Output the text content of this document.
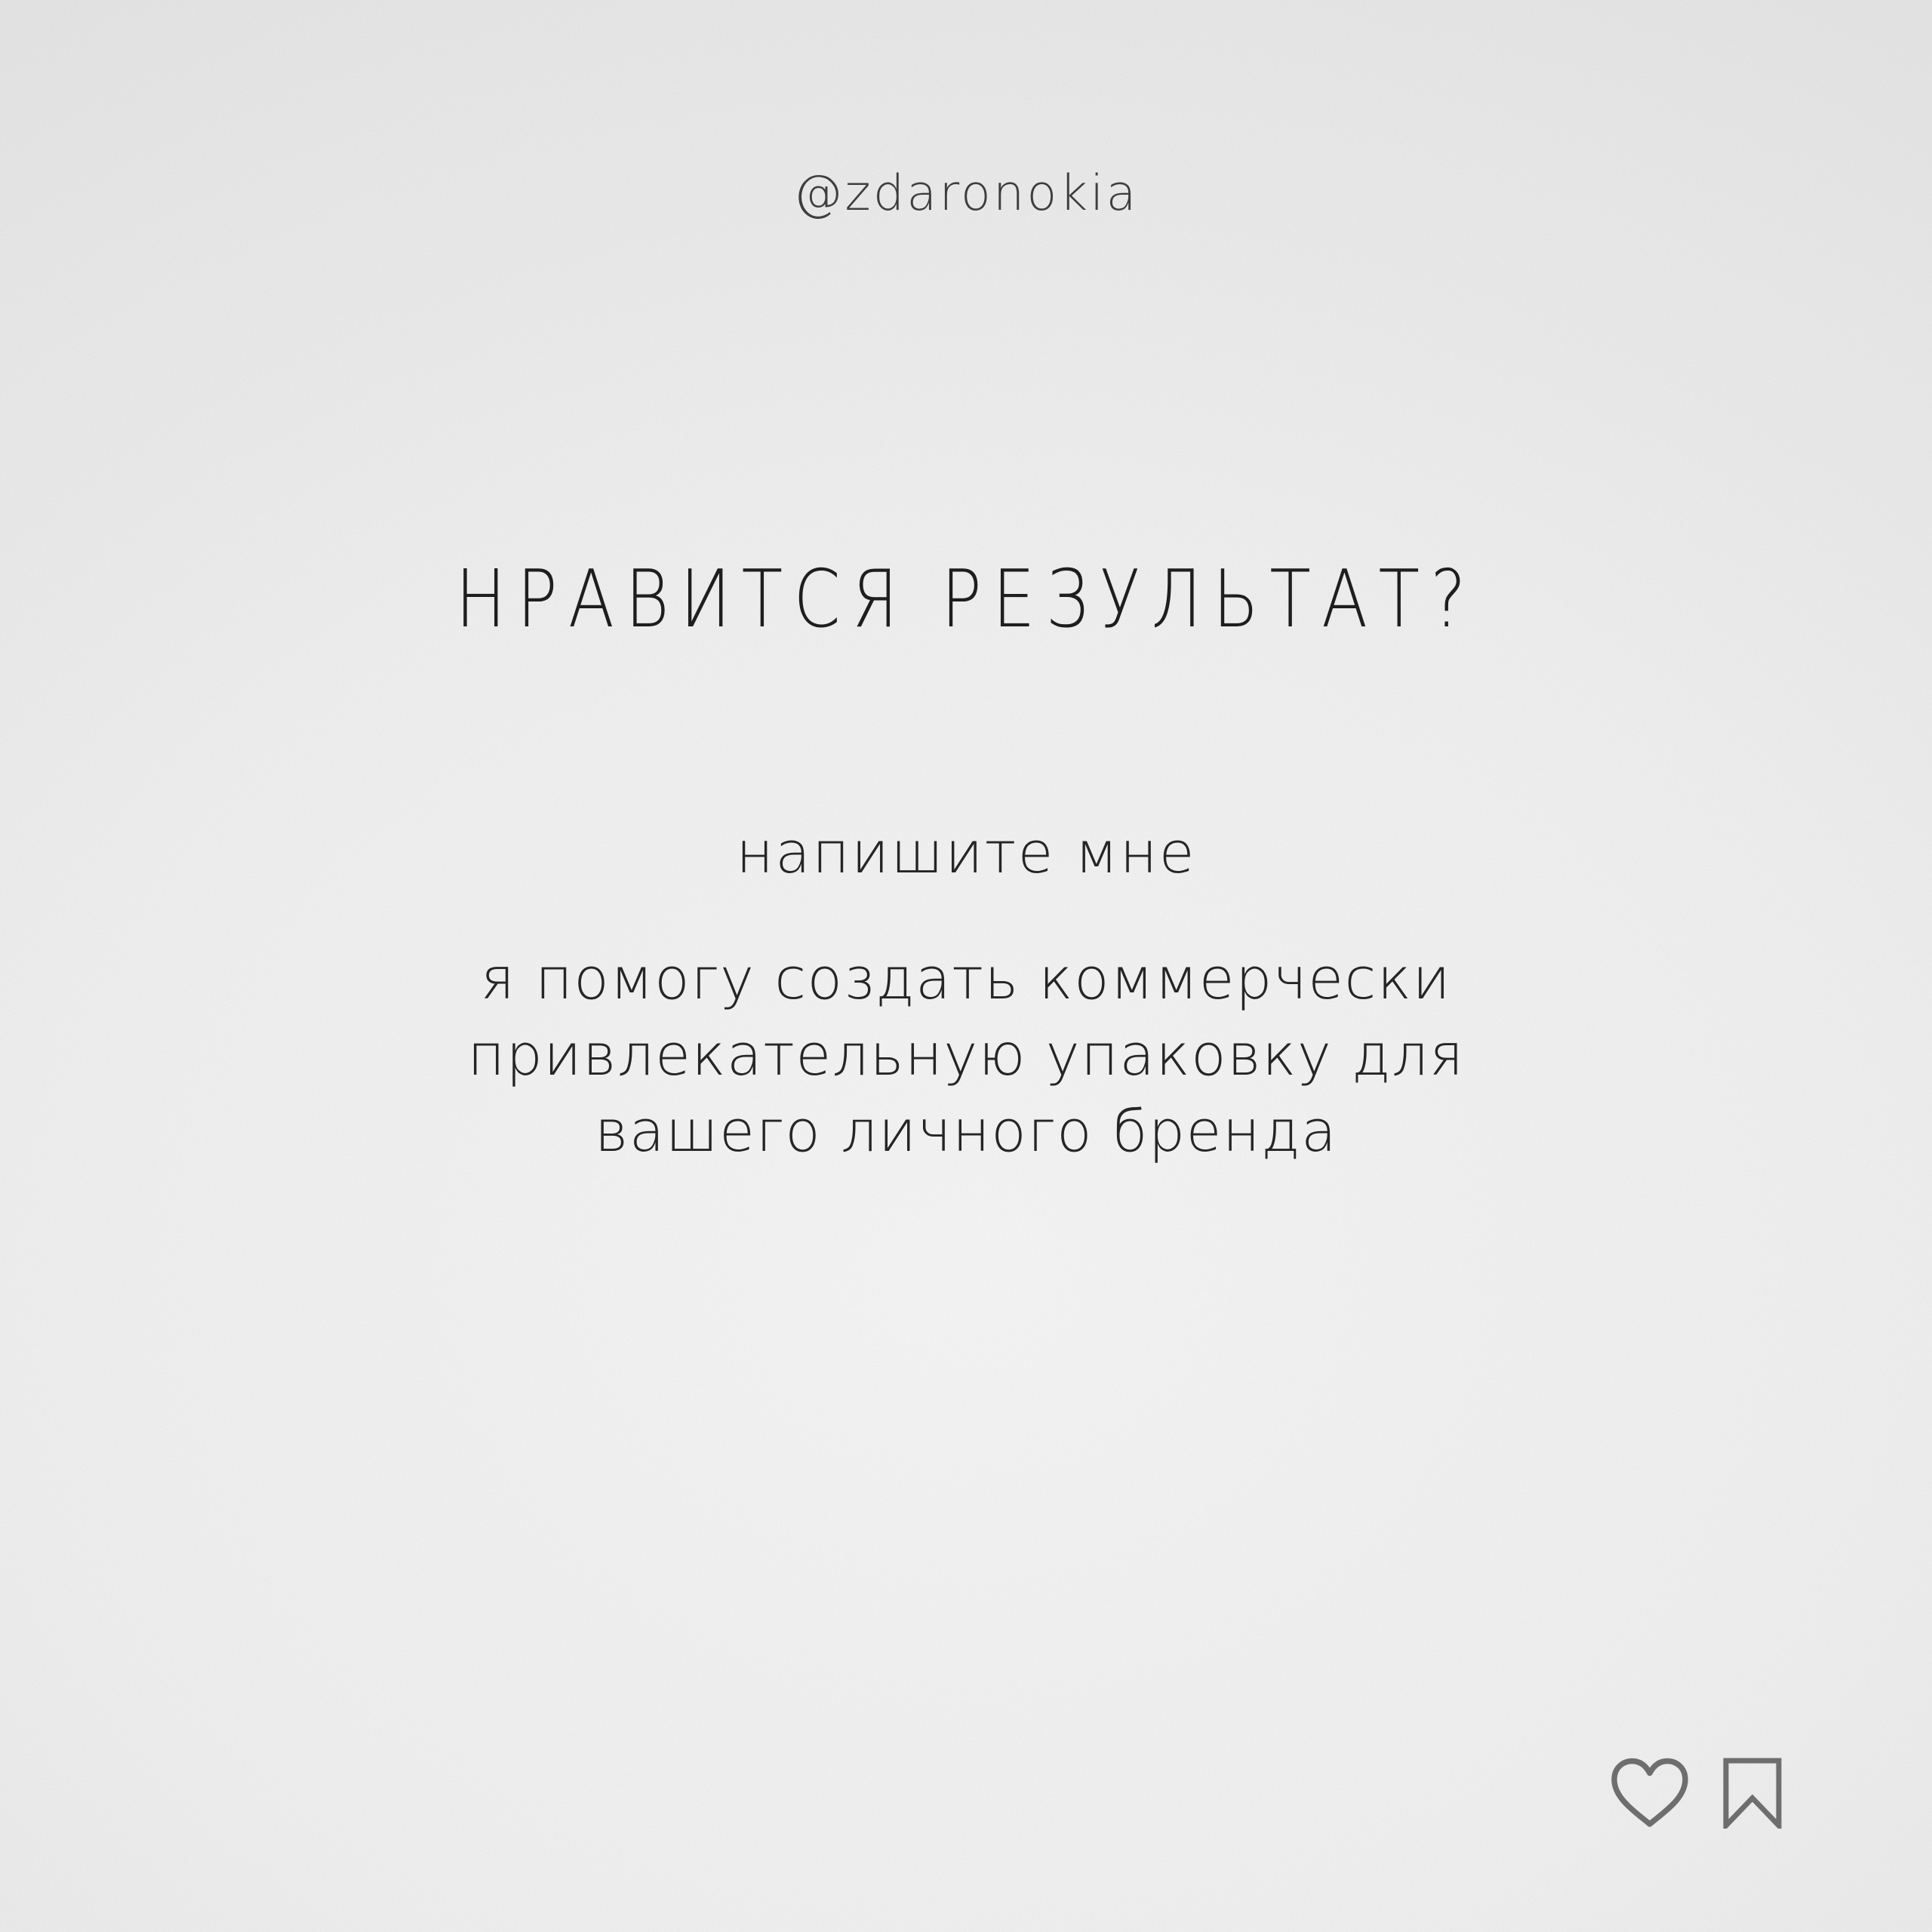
@zdaronokia
НРАВИТСЯ РЕЗУЛЬТАТ?
напишите мне

я помогу создать коммерчески
привлекательную упаковку для
вашего личного бренда
